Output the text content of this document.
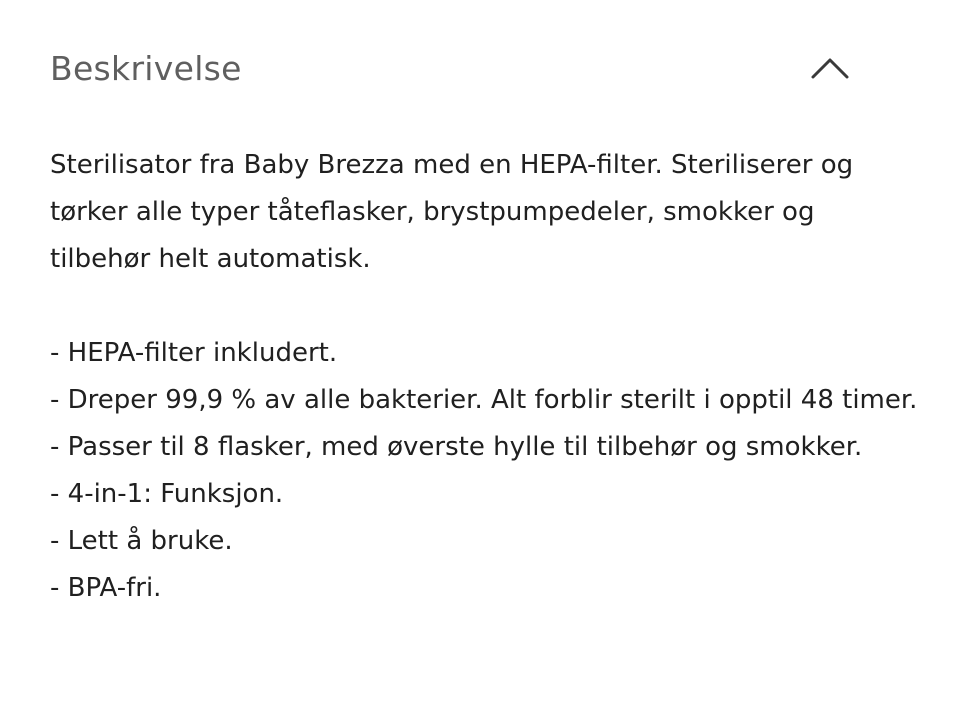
Beskrivelse

Sterilisator fra Baby Brezza med en HEPA-filter. Steriliserer og tørker alle typer tåteflasker, brystpumpedeler, smokker og tilbehør helt automatisk.

- HEPA-filter inkludert.
- Dreper 99,9 % av alle bakterier. Alt forblir sterilt i opptil 48 timer.
- Passer til 8 flasker, med øverste hylle til tilbehør og smokker.
- 4-in-1: Funksjon.
- Lett å bruke.
- BPA-fri.
